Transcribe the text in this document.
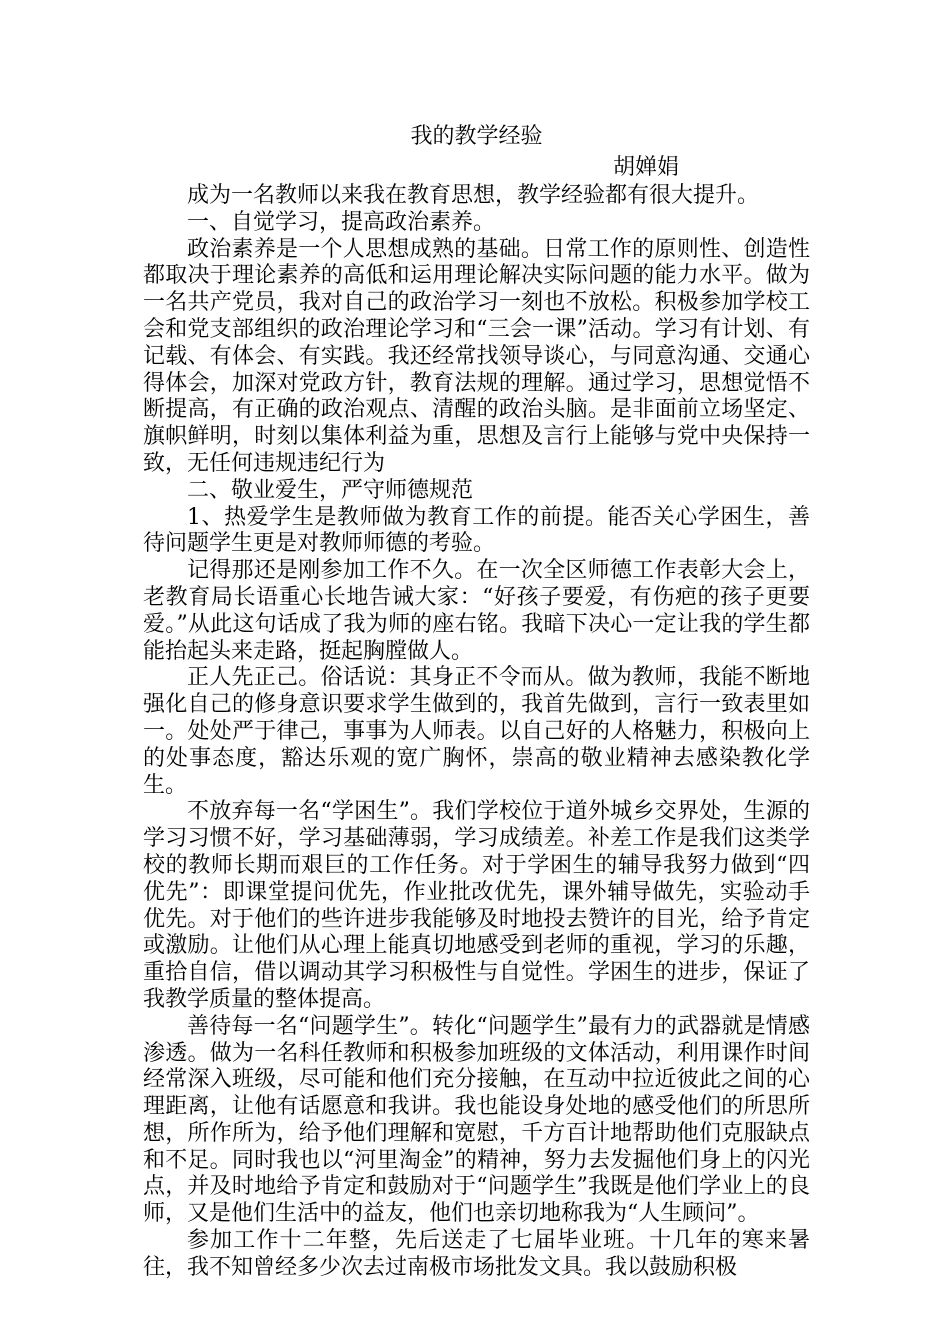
我的教学经验
胡婵娟

成为一名教师以来我在教育思想，教学经验都有很大提升。

一、自觉学习，提高政治素养。

政治素养是一个人思想成熟的基础。日常工作的原则性、创造性都取决于理论素养的高低和运用理论解决实际问题的能力水平。做为一名共产党员，我对自己的政治学习一刻也不放松。积极参加学校工会和党支部组织的政治理论学习和“三会一课”活动。学习有计划、有记载、有体会、有实践。我还经常找领导谈心，与同意沟通、交通心得体会，加深对党政方针，教育法规的理解。通过学习，思想觉悟不断提高，有正确的政治观点、清醒的政治头脑。是非面前立场坚定、旗帜鲜明，时刻以集体利益为重，思想及言行上能够与党中央保持一致，无任何违规违纪行为

二、敬业爱生，严守师德规范

1、热爱学生是教师做为教育工作的前提。能否关心学困生，善待问题学生更是对教师师德的考验。

记得那还是刚参加工作不久。在一次全区师德工作表彰大会上，老教育局长语重心长地告诫大家：“好孩子要爱，有伤疤的孩子更要爱。”从此这句话成了我为师的座右铭。我暗下决心一定让我的学生都能抬起头来走路，挺起胸膛做人。

正人先正己。俗话说：其身正不令而从。做为教师，我能不断地强化自己的修身意识要求学生做到的，我首先做到，言行一致表里如一。处处严于律己，事事为人师表。以自己好的人格魅力，积极向上的处事态度，豁达乐观的宽广胸怀，崇高的敬业精神去感染教化学生。

不放弃每一名“学困生”。我们学校位于道外城乡交界处，生源的学习习惯不好，学习基础薄弱，学习成绩差。补差工作是我们这类学校的教师长期而艰巨的工作任务。对于学困生的辅导我努力做到“四优先”：即课堂提问优先，作业批改优先，课外辅导做先，实验动手优先。对于他们的些许进步我能够及时地投去赞许的目光，给予肯定或激励。让他们从心理上能真切地感受到老师的重视，学习的乐趣，重拾自信，借以调动其学习积极性与自觉性。学困生的进步，保证了我教学质量的整体提高。

善待每一名“问题学生”。转化“问题学生”最有力的武器就是情感渗透。做为一名科任教师和积极参加班级的文体活动，利用课作时间经常深入班级，尽可能和他们充分接触，在互动中拉近彼此之间的心理距离，让他有话愿意和我讲。我也能设身处地的感受他们的所思所想，所作所为，给予他们理解和宽慰，千方百计地帮助他们克服缺点和不足。同时我也以“河里淘金”的精神，努力去发掘他们身上的闪光点，并及时地给予肯定和鼓励对于“问题学生”我既是他们学业上的良师，又是他们生活中的益友，他们也亲切地称我为“人生顾问”。

参加工作十二年整，先后送走了七届毕业班。十几年的寒来暑往，我不知曾经多少次去过南极市场批发文具。我以鼓励积极
